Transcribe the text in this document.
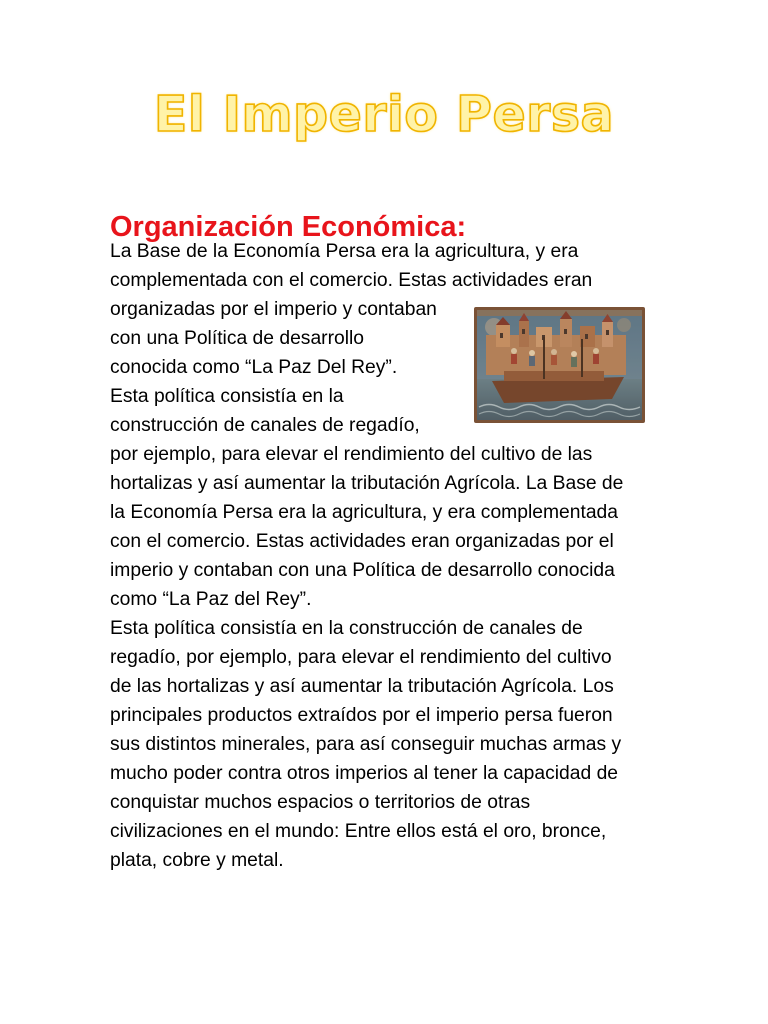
El Imperio Persa
Organización Económica:
La Base de la Economía Persa era la agricultura, y era
complementada con el comercio. Estas actividades eran
organizadas por el imperio y contaban
con una Política de desarrollo
conocida como “La Paz Del Rey”.
Esta política consistía en la
construcción de canales de regadío,
por ejemplo, para elevar el rendimiento del cultivo de las
hortalizas y así aumentar la tributación Agrícola. La Base de
la Economía Persa era la agricultura, y era complementada
con el comercio. Estas actividades eran organizadas por el
imperio y contaban con una Política de desarrollo conocida
como “La Paz del Rey”.
Esta política consistía en la construcción de canales de
regadío, por ejemplo, para elevar el rendimiento del cultivo
de las hortalizas y así aumentar la tributación Agrícola. Los
principales productos extraídos por el imperio persa fueron
sus distintos minerales, para así conseguir muchas armas y
mucho poder contra otros imperios al tener la capacidad de
conquistar muchos espacios o territorios de otras
civilizaciones en el mundo: Entre ellos está el oro, bronce,
plata, cobre y metal.
